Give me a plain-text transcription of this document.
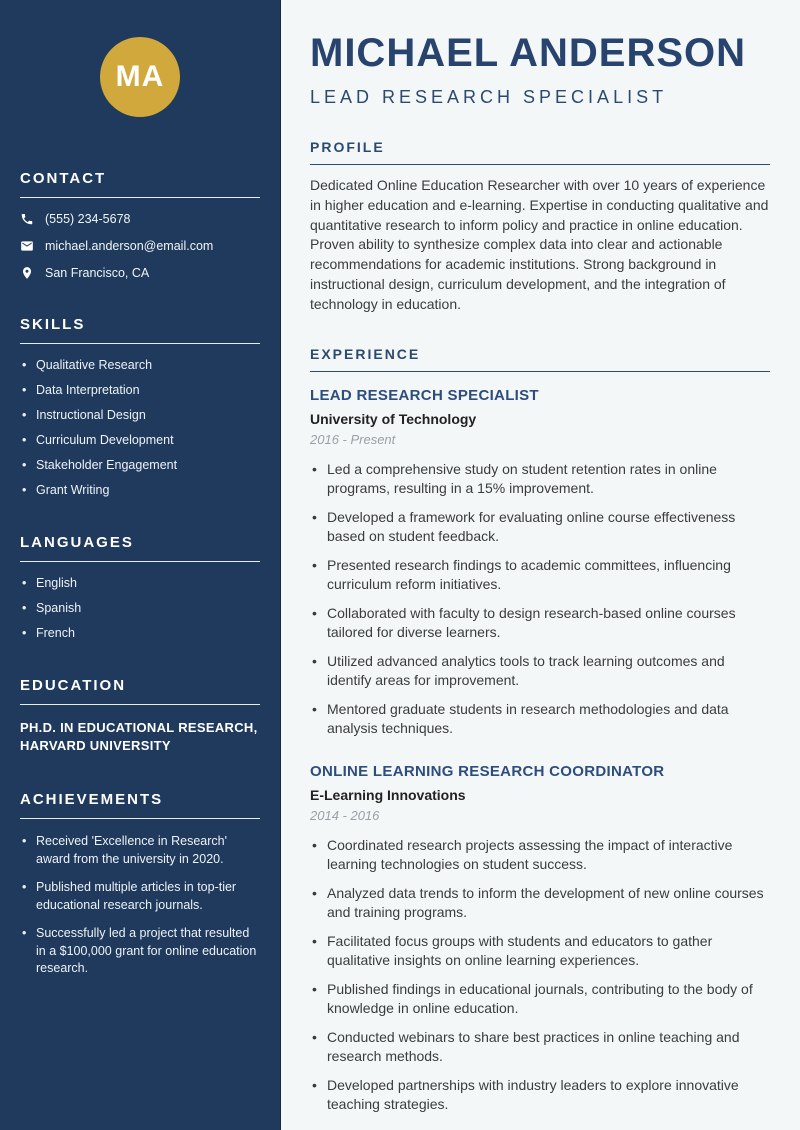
MA
CONTACT
(555) 234-5678
michael.anderson@email.com
San Francisco, CA
SKILLS
• Qualitative Research
• Data Interpretation
• Instructional Design
• Curriculum Development
• Stakeholder Engagement
• Grant Writing
LANGUAGES
• English
• Spanish
• French
EDUCATION
PH.D. IN EDUCATIONAL RESEARCH,
HARVARD UNIVERSITY
ACHIEVEMENTS
• Received 'Excellence in Research' award from the university in 2020.
• Published multiple articles in top-tier educational research journals.
• Successfully led a project that resulted in a $100,000 grant for online education research.
MICHAEL ANDERSON
LEAD RESEARCH SPECIALIST
PROFILE

Dedicated Online Education Researcher with over 10 years of experience in higher education and e-learning. Expertise in conducting qualitative and quantitative research to inform policy and practice in online education. Proven ability to synthesize complex data into clear and actionable recommendations for academic institutions. Strong background in instructional design, curriculum development, and the integration of technology in education.

EXPERIENCE
LEAD RESEARCH SPECIALIST
University of Technology
2016 - Present
• Led a comprehensive study on student retention rates in online programs, resulting in a 15% improvement.
• Developed a framework for evaluating online course effectiveness based on student feedback.
• Presented research findings to academic committees, influencing curriculum reform initiatives.
• Collaborated with faculty to design research-based online courses tailored for diverse learners.
• Utilized advanced analytics tools to track learning outcomes and identify areas for improvement.
• Mentored graduate students in research methodologies and data analysis techniques.
ONLINE LEARNING RESEARCH COORDINATOR
E-Learning Innovations
2014 - 2016
• Coordinated research projects assessing the impact of interactive learning technologies on student success.
• Analyzed data trends to inform the development of new online courses and training programs.
• Facilitated focus groups with students and educators to gather qualitative insights on online learning experiences.
• Published findings in educational journals, contributing to the body of knowledge in online education.
• Conducted webinars to share best practices in online teaching and research methods.
• Developed partnerships with industry leaders to explore innovative teaching strategies.
